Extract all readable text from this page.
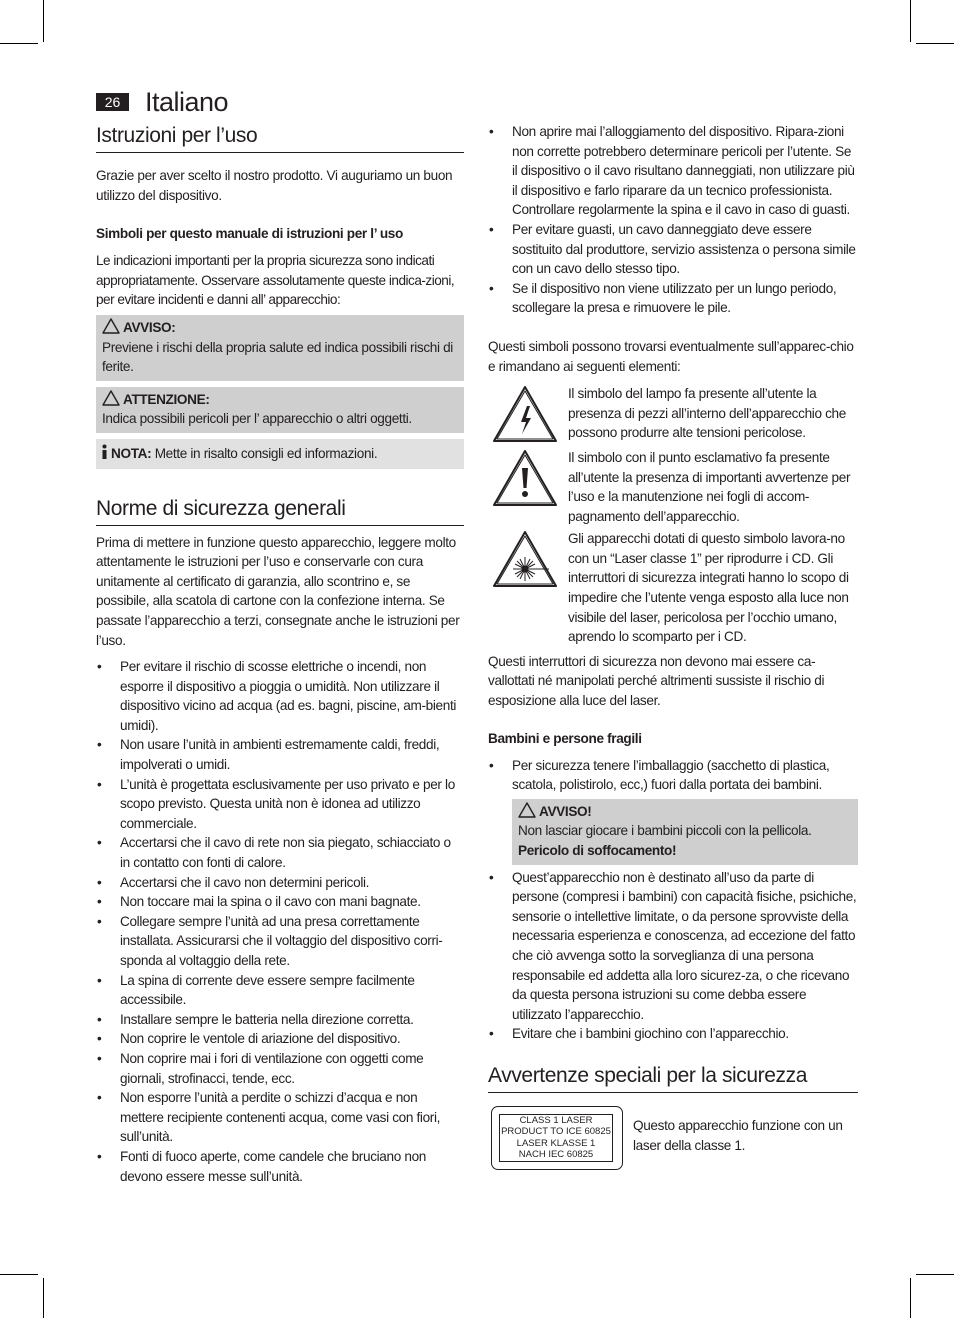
26 Italiano
Istruzioni per l’uso

Grazie per aver scelto il nostro prodotto. Vi auguriamo un buon utilizzo del dispositivo.

Simboli per questo manuale di istruzioni per l’ uso

Le indicazioni importanti per la propria sicurezza sono indicati appropriatamente. Osservare assolutamente queste indica-zioni, per evitare incidenti e danni all’ apparecchio:

AVVISO:

Previene i rischi della propria salute ed indica possibili rischi di ferite.

ATTENZIONE:

Indica possibili pericoli per l’ apparecchio o altri oggetti.

NOTA: Mette in risalto consigli ed informazioni.
Norme di sicurezza generali

Prima di mettere in funzione questo apparecchio, leggere molto attentamente le istruzioni per l’uso e conservarle con cura unitamente al certificato di garanzia, allo scontrino e, se possibile, alla scatola di cartone con la confezione interna. Se passate l’apparecchio a terzi, consegnate anche le istruzioni per l’uso.

• Per evitare il rischio di scosse elettriche o incendi, non esporre il dispositivo a pioggia o umidità. Non utilizzare il dispositivo vicino ad acqua (ad es. bagni, piscine, am-bienti umidi).
• Non usare l’unità in ambienti estremamente caldi, freddi, impolverati o umidi.
• L’unità è progettata esclusivamente per uso privato e per lo scopo previsto. Questa unità non è idonea ad utilizzo commerciale.
• Accertarsi che il cavo di rete non sia piegato, schiacciato o in contatto con fonti di calore.
• Accertarsi che il cavo non determini pericoli.
• Non toccare mai la spina o il cavo con mani bagnate.
• Collegare sempre l’unità ad una presa correttamente installata. Assicurarsi che il voltaggio del dispositivo corri-sponda al voltaggio della rete.
• La spina di corrente deve essere sempre facilmente accessibile.
• Installare sempre le batteria nella direzione corretta.
• Non coprire le ventole di ariazione del dispositivo.
• Non coprire mai i fori di ventilazione con oggetti come giornali, strofinacci, tende, ecc.
• Non esporre l’unità a perdite o schizzi d’acqua e non mettere recipiente contenenti acqua, come vasi con fiori, sull’unità.
• Fonti di fuoco aperte, come candele che bruciano non devono essere messe sull’unità.
• Non aprire mai l’alloggiamento del dispositivo. Ripara-zioni non corrette potrebbero determinare pericoli per l’utente. Se il dispositivo o il cavo risultano danneggiati, non utilizzare più il dispositivo e farlo riparare da un tecnico professionista. Controllare regolarmente la spina e il cavo in caso di guasti.
• Per evitare guasti, un cavo danneggiato deve essere sostituito dal produttore, servizio assistenza o persona simile con un cavo dello stesso tipo.
• Se il dispositivo non viene utilizzato per un lungo periodo, scollegare la presa e rimuovere le pile.

Questi simboli possono trovarsi eventualmente sull’apparec-chio e rimandano ai seguenti elementi:

Il simbolo del lampo fa presente all’utente la presenza di pezzi all’interno dell’apparecchio che possono produrre alte tensioni pericolose.

Il simbolo con il punto esclamativo fa presente all’utente la presenza di importanti avvertenze per l’uso e la manutenzione nei fogli di accom-pagnamento dell’apparecchio.

Gli apparecchi dotati di questo simbolo lavora-no con un “Laser classe 1” per riprodurre i CD. Gli interruttori di sicurezza integrati hanno lo scopo di impedire che l’utente venga esposto alla luce non visibile del laser, pericolosa per l’occhio umano, aprendo lo scomparto per i CD.

Questi interruttori di sicurezza non devono mai essere ca-vallottati né manipolati perché altrimenti sussiste il rischio di esposizione alla luce del laser.

Bambini e persone fragili
• Per sicurezza tenere l’imballaggio (sacchetto di plastica, scatola, polistirolo, ecc,) fuori dalla portata dei bambini.
AVVISO!

Non lasciar giocare i bambini piccoli con la pellicola.

Pericolo di soffocamento!

• Quest’apparecchio non è destinato all’uso da parte di persone (compresi i bambini) con capacità fisiche, psichiche, sensorie o intellettive limitate, o da persone sprovviste della necessaria esperienza e conoscenza, ad eccezione del fatto che ciò avvenga sotto la sorveglianza di una persona responsabile ed addetta alla loro sicurez-za, o che ricevano da questa persona istruzioni su come debba essere utilizzato l’apparecchio.
• Evitare che i bambini giochino con l’apparecchio.
Avvertenze speciali per la sicurezza
CLASS 1 LASER
PRODUCT TO ICE 60825
LASER KLASSE 1
NACH IEC 60825

Questo apparecchio funzione con un laser della classe 1.
